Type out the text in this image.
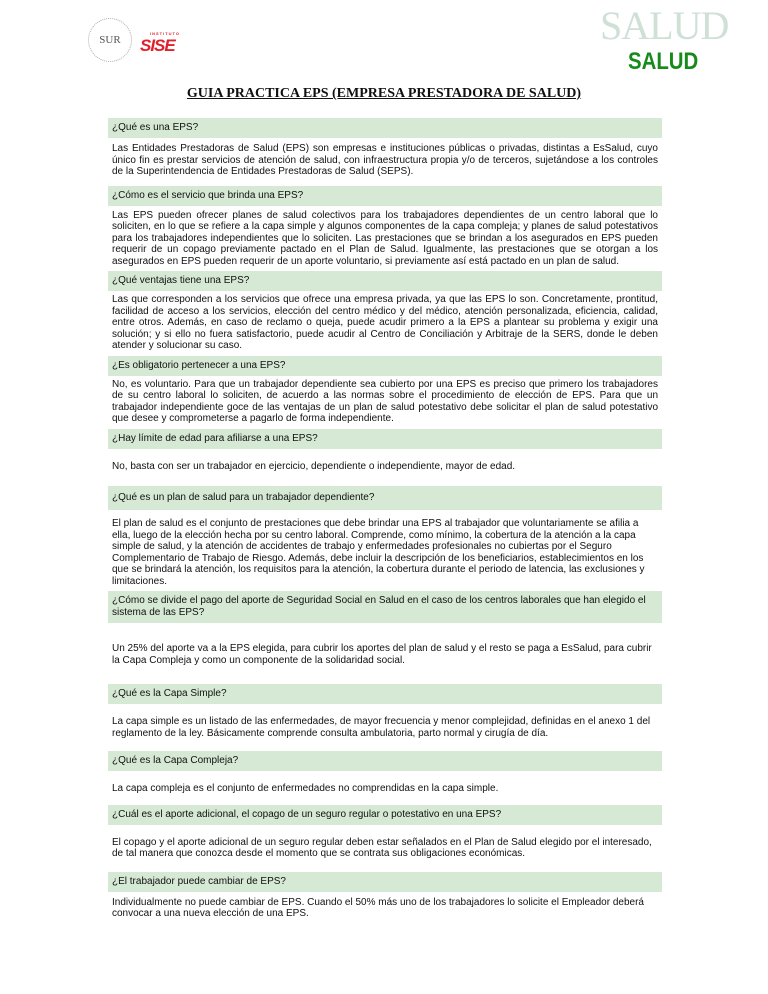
SUR
INSTITUTO
SISE	SALUD
SALUD
GUIA PRACTICA EPS (EMPRESA PRESTADORA DE SALUD)
¿Qué es una EPS?
Las Entidades Prestadoras de Salud (EPS) son empresas e instituciones públicas o privadas, distintas a EsSalud, cuyo único fin es prestar servicios de atención de salud, con infraestructura propia y/o de terceros, sujetándose a los controles de la Superintendencia de Entidades Prestadoras de Salud (SEPS).
¿Cómo es el servicio que brinda una EPS?
Las EPS pueden ofrecer planes de salud colectivos para los trabajadores dependientes de un centro laboral que lo soliciten, en lo que se refiere a la capa simple y algunos componentes de la capa compleja; y planes de salud potestativos para los trabajadores independientes que lo soliciten. Las prestaciones que se brindan a los asegurados en EPS pueden requerir de un copago previamente pactado en el Plan de Salud. Igualmente, las prestaciones que se otorgan a los asegurados en EPS pueden requerir de un aporte voluntario, si previamente así está pactado en un plan de salud.
¿Qué ventajas tiene una EPS?
Las que corresponden a los servicios que ofrece una empresa privada, ya que las EPS lo son. Concretamente, prontitud, facilidad de acceso a los servicios, elección del centro médico y del médico, atención personalizada, eficiencia, calidad, entre otros. Además, en caso de reclamo o queja, puede acudir primero a la EPS a plantear su problema y exigir una solución; y si ello no fuera satisfactorio, puede acudir al Centro de Conciliación y Arbitraje de la SERS, donde le deben atender y solucionar su caso.
¿Es obligatorio pertenecer a una EPS?
No, es voluntario. Para que un trabajador dependiente sea cubierto por una EPS es preciso que primero los trabajadores de su centro laboral lo soliciten, de acuerdo a las normas sobre el procedimiento de elección de EPS. Para que un trabajador independiente goce de las ventajas de un plan de salud potestativo debe solicitar el plan de salud potestativo que desee y comprometerse a pagarlo de forma independiente.
¿Hay límite de edad para afiliarse a una EPS?
No, basta con ser un trabajador en ejercicio, dependiente o independiente, mayor de edad.
¿Qué es un plan de salud para un trabajador dependiente?
El plan de salud es el conjunto de prestaciones que debe brindar una EPS al trabajador que voluntariamente se afilia a ella, luego de la elección hecha por su centro laboral. Comprende, como mínimo, la cobertura de la atención a la capa simple de salud, y la atención de accidentes de trabajo y enfermedades profesionales no cubiertas por el Seguro Complementario de Trabajo de Riesgo. Además, debe incluir la descripción de los beneficiarios, establecimientos en los que se brindará la atención, los requisitos para la atención, la cobertura durante el periodo de latencia, las exclusiones y limitaciones.
¿Cómo se divide el pago del aporte de Seguridad Social en Salud en el caso de los centros laborales que han elegido el sistema de las EPS?
Un 25% del aporte va a la EPS elegida, para cubrir los aportes del plan de salud y el resto se paga a EsSalud, para cubrir la Capa Compleja y como un componente de la solidaridad social.
¿Qué es la Capa Simple?
La capa simple es un listado de las enfermedades, de mayor frecuencia y menor complejidad, definidas en el anexo 1 del reglamento de la ley. Básicamente comprende consulta ambulatoria, parto normal y cirugía de día.
¿Qué es la Capa Compleja?
La capa compleja es el conjunto de enfermedades no comprendidas en la capa simple.
¿Cuál es el aporte adicional, el copago de un seguro regular o potestativo en una EPS?
El copago y el aporte adicional de un seguro regular deben estar señalados en el Plan de Salud elegido por el interesado, de tal manera que conozca desde el momento que se contrata sus obligaciones económicas.
¿El trabajador puede cambiar de EPS?
Individualmente no puede cambiar de EPS. Cuando el 50% más uno de los trabajadores lo solicite el Empleador deberá convocar a una nueva elección de una EPS.
